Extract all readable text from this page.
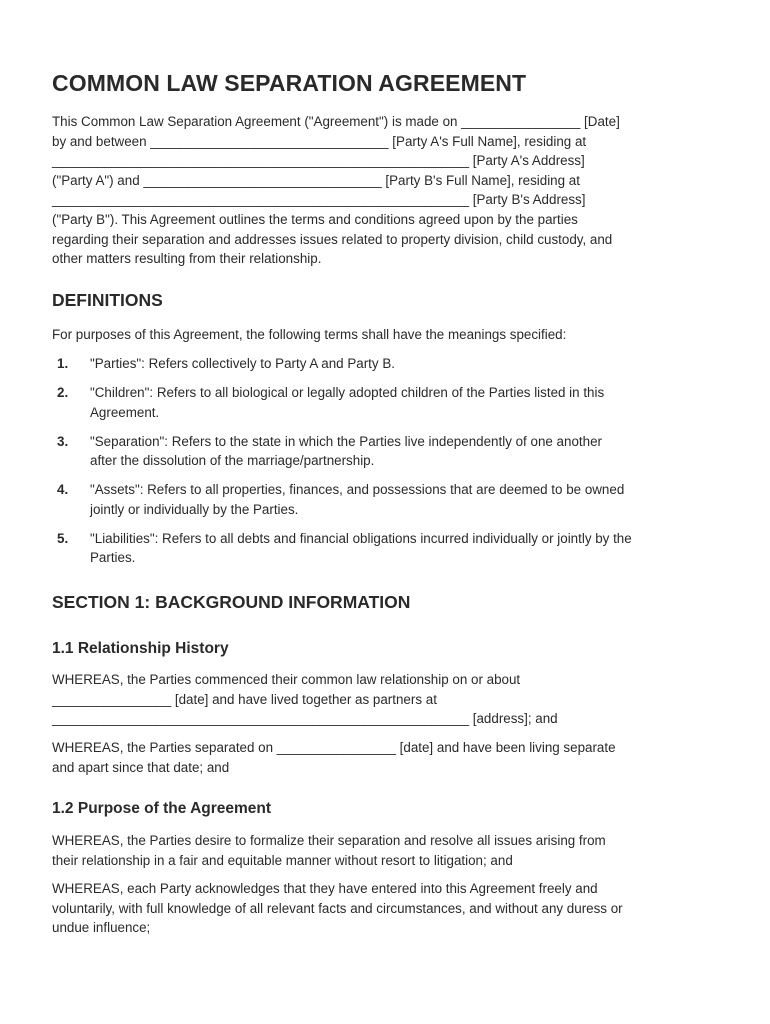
COMMON LAW SEPARATION AGREEMENT

This Common Law Separation Agreement ("Agreement") is made on ________________ [Date]
by and between ________________________________ [Party A's Full Name], residing at
________________________________________________________ [Party A's Address]
("Party A") and ________________________________ [Party B's Full Name], residing at
________________________________________________________ [Party B's Address]
("Party B"). This Agreement outlines the terms and conditions agreed upon by the parties
regarding their separation and addresses issues related to property division, child custody, and
other matters resulting from their relationship.

DEFINITIONS

For purposes of this Agreement, the following terms shall have the meanings specified:

1. "Parties": Refers collectively to Party A and Party B.
2. "Children": Refers to all biological or legally adopted children of the Parties listed in this
Agreement.
3. "Separation": Refers to the state in which the Parties live independently of one another
after the dissolution of the marriage/partnership.
4. "Assets": Refers to all properties, finances, and possessions that are deemed to be owned
jointly or individually by the Parties.
5. "Liabilities": Refers to all debts and financial obligations incurred individually or jointly by the
Parties.
SECTION 1: BACKGROUND INFORMATION
1.1 Relationship History

WHEREAS, the Parties commenced their common law relationship on or about
________________ [date] and have lived together as partners at
________________________________________________________ [address]; and

WHEREAS, the Parties separated on ________________ [date] and have been living separate
and apart since that date; and

1.2 Purpose of the Agreement

WHEREAS, the Parties desire to formalize their separation and resolve all issues arising from
their relationship in a fair and equitable manner without resort to litigation; and

WHEREAS, each Party acknowledges that they have entered into this Agreement freely and
voluntarily, with full knowledge of all relevant facts and circumstances, and without any duress or
undue influence;
